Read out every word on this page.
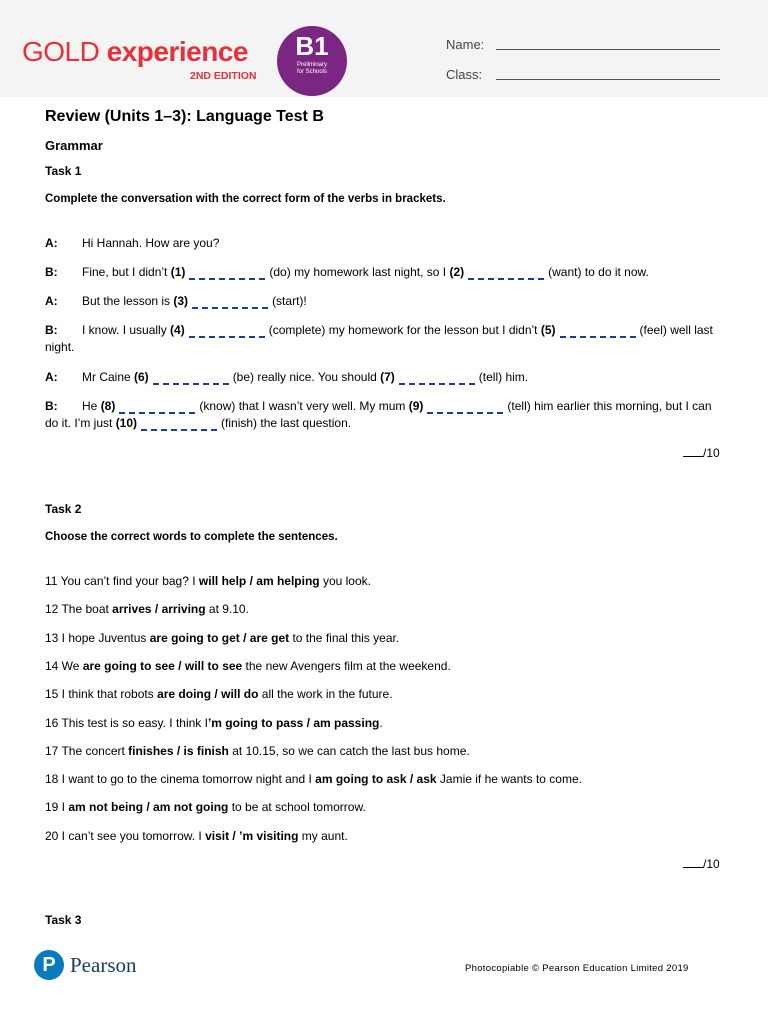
GOLD experience
2ND EDITION
B1
Preliminary
for Schools
Name:
Class:
Review (Units 1–3): Language Test B
Grammar
Task 1
Complete the conversation with the correct form of the verbs in brackets.
A: Hi Hannah. How are you?
B: Fine, but I didn’t (1)	(do) my homework last night, so I (2)	(want) to do it now.
A: But the lesson is (3)	(start)!
B:	I know. I usually (4)	(complete) my homework for the lesson but I didn’t (5)	(feel) well last night.
A: Mr Caine (6)	(be) really nice. You should (7)	(tell) him.
B:	He (8)	(know) that I wasn’t very well. My mum (9)	(tell) him earlier this morning, but I can do it. I’m just (10)	(finish) the last question.
/10
Task 2
Choose the correct words to complete the sentences.
11 You can’t find your bag? I will help / am helping you look.
12 The boat arrives / arriving at 9.10.
13 I hope Juventus are going to get / are get to the final this year.
14 We are going to see / will to see the new Avengers film at the weekend.
15 I think that robots are doing / will do all the work in the future.
16 This test is so easy. I think I’m going to pass / am passing.
17 The concert finishes / is finish at 10.15, so we can catch the last bus home.
18 I want to go to the cinema tomorrow night and I am going to ask / ask Jamie if he wants to come.
19 I am not being / am not going to be at school tomorrow.
20 I can’t see you tomorrow. I visit / ’m visiting my aunt.
/10
Task 3
P Pearson	Photocopiable © Pearson Education Limited 2019
